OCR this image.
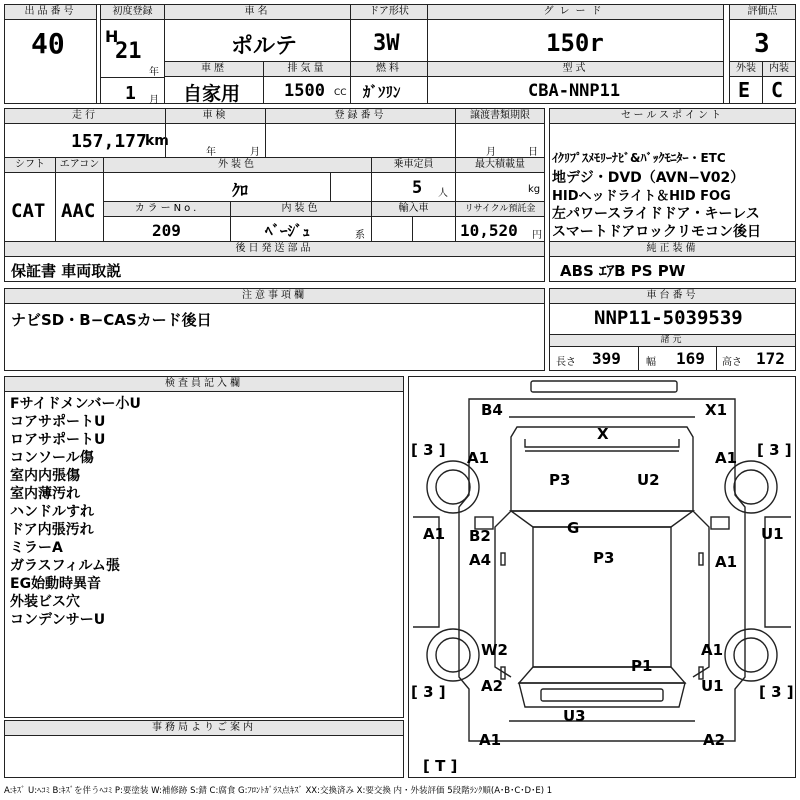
出品番号
40
初度登録
H
21
年
1 月
車名
ポルテ
ドア形状
3W
グレード
150r
評価点
3
車歴
自家用
排気量
1500 CC
燃料
ｶﾞｿﾘﾝ
型式
CBA-NNP11
外装
E
内装
C
走行
157,177
km
車検
年	月
登録番号	譲渡書類期限
月	日
シフト
CAT
エアコン
AAC
外装色
ｸﾛ
乗車定員
5 人
最大積載量
kg
カラーNo.
209
内装色
ﾍﾞｰｼﾞｭ	系
輸入車	リサイクル預託金
10,520 円
後日発送部品
保証書 車両取説
セールスポイント
ｲｸﾘﾌﾟｽﾒﾓﾘｰﾅﾋﾞ&ﾊﾞｯｸﾓﾆﾀｰ・ETC
地デジ・DVD（AVN−V02）
HIDヘッドライト＆HID FOG
左パワースライドドア・キーレス
スマートドアロックリモコン後日
純正装備
ABS ｴｱB PS PW
注意事項欄
ナビSD・B−CASカード後日
車台番号
NNP11-5039539
諸元
長さ 399	幅 169 高さ 172
検査員記入欄
Fサイドメンバー小U
コアサポートU
ロアサポートU
コンソール傷
室内内張傷
室内薄汚れ
ハンドルすれ
ドア内張汚れ
ミラーA
ガラスフィルム張
EG始動時異音
外装ビス穴
コンデンサーU
事務局よりご案内
B4	X1
X
[ 3 ]	[ 3 ]
A1	A1
P3	U2
A1	U1
G
B2
A4	P3	A1
W2	A1
P1
[ 3 ]	[ 3 ]
A2	U1
U3
A1	A2
[ T ]
A:ｷｽﾞ U:ﾍｺﾐ B:ｷｽﾞを伴うﾍｺﾐ P:要塗装 W:補修跡 S:錆 C:腐食 G:ﾌﾛﾝﾄｶﾞﾗｽ点ｷｽﾞ XX:交換済み X:要交換 内・外装評価 5段階ﾗﾝｸ順(A･B･C･D･E) 1
